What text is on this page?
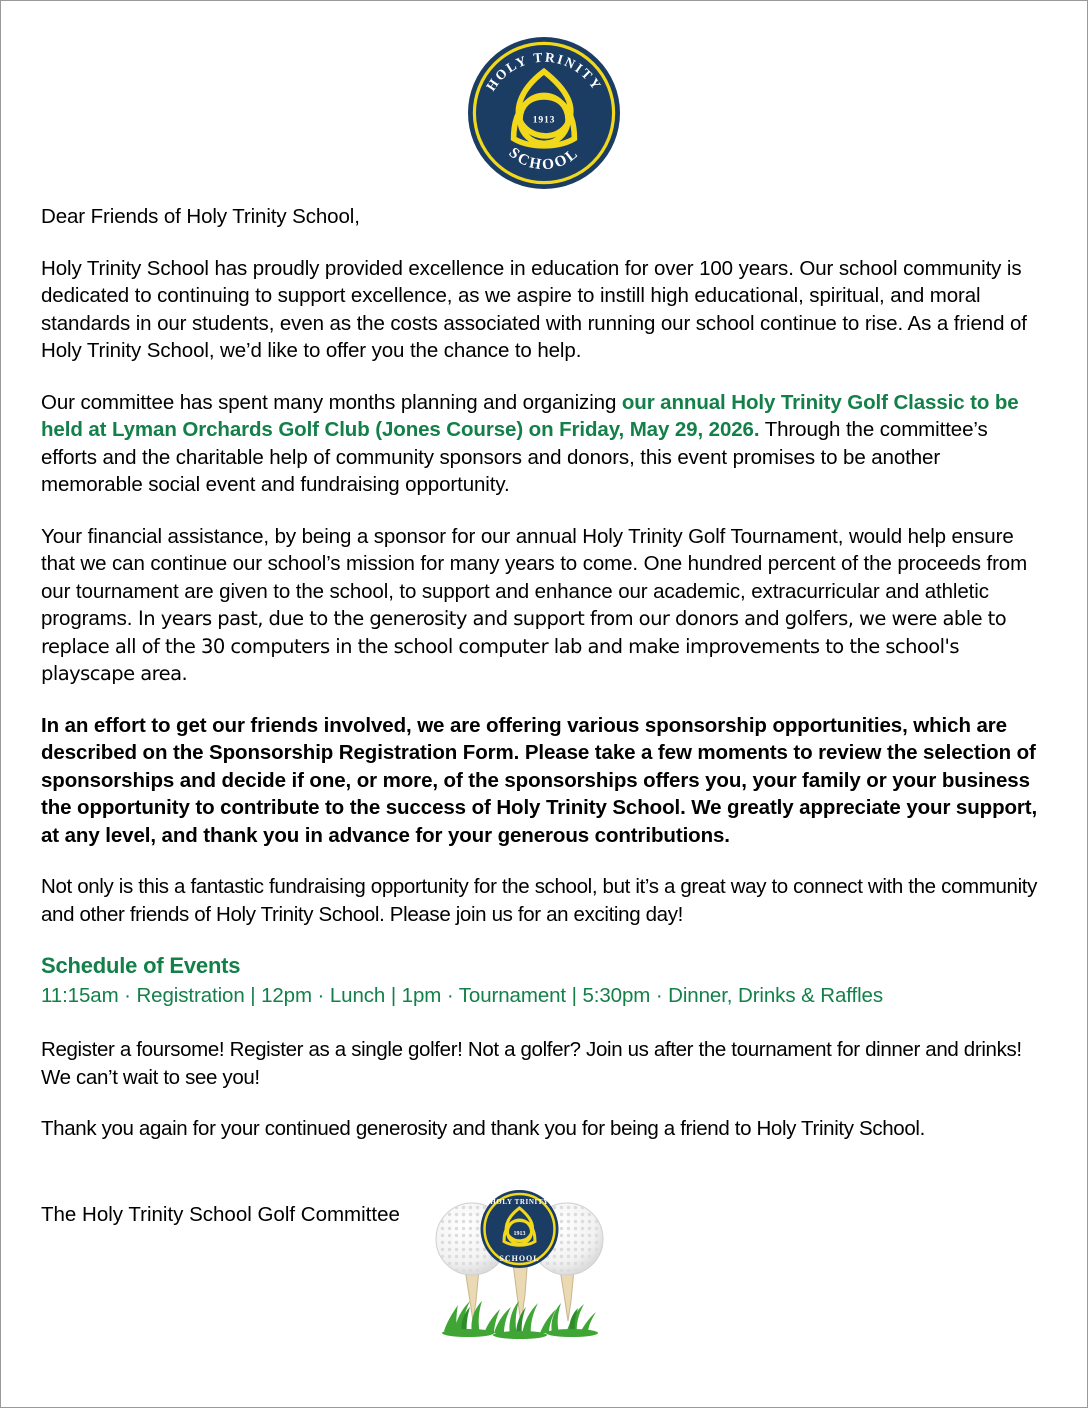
1913
HOLY TRINITY
SCHOOL

Dear Friends of Holy Trinity School,

Holy Trinity School has proudly provided excellence in education for over 100 years. Our school community is dedicated to continuing to support excellence, as we aspire to instill high educational, spiritual, and moral standards in our students, even as the costs associated with running our school continue to rise. As a friend of Holy Trinity School, we’d like to offer you the chance to help.

Our committee has spent many months planning and organizing our annual Holy Trinity Golf Classic to be held at Lyman Orchards Golf Club (Jones Course) on Friday, May 29, 2026. Through the committee’s efforts and the charitable help of community sponsors and donors, this event promises to be another memorable social event and fundraising opportunity.

Your financial assistance, by being a sponsor for our annual Holy Trinity Golf Tournament, would help ensure that we can continue our school’s mission for many years to come. One hundred percent of the proceeds from our tournament are given to the school, to support and enhance our academic, extracurricular and athletic programs. In years past, due to the generosity and support from our donors and golfers, we were able to replace all of the 30 computers in the school computer lab and make improvements to the school's playscape area.

In an effort to get our friends involved, we are offering various sponsorship opportunities, which are described on the Sponsorship Registration Form. Please take a few moments to review the selection of sponsorships and decide if one, or more, of the sponsorships offers you, your family or your business the opportunity to contribute to the success of Holy Trinity School. We greatly appreciate your support, at any level, and thank you in advance for your generous contributions.

Not only is this a fantastic fundraising opportunity for the school, but it’s a great way to connect with the community and other friends of Holy Trinity School. Please join us for an exciting day!

Schedule of Events
11:15am · Registration | 12pm · Lunch | 1pm · Tournament | 5:30pm · Dinner, Drinks & Raffles

Register a foursome! Register as a single golfer! Not a golfer? Join us after the tournament for dinner and drinks! We can’t wait to see you!

Thank you again for your continued generosity and thank you for being a friend to Holy Trinity School.

The Holy Trinity School Golf Committee
1913
HOLY TRINITY
SCHOOL
